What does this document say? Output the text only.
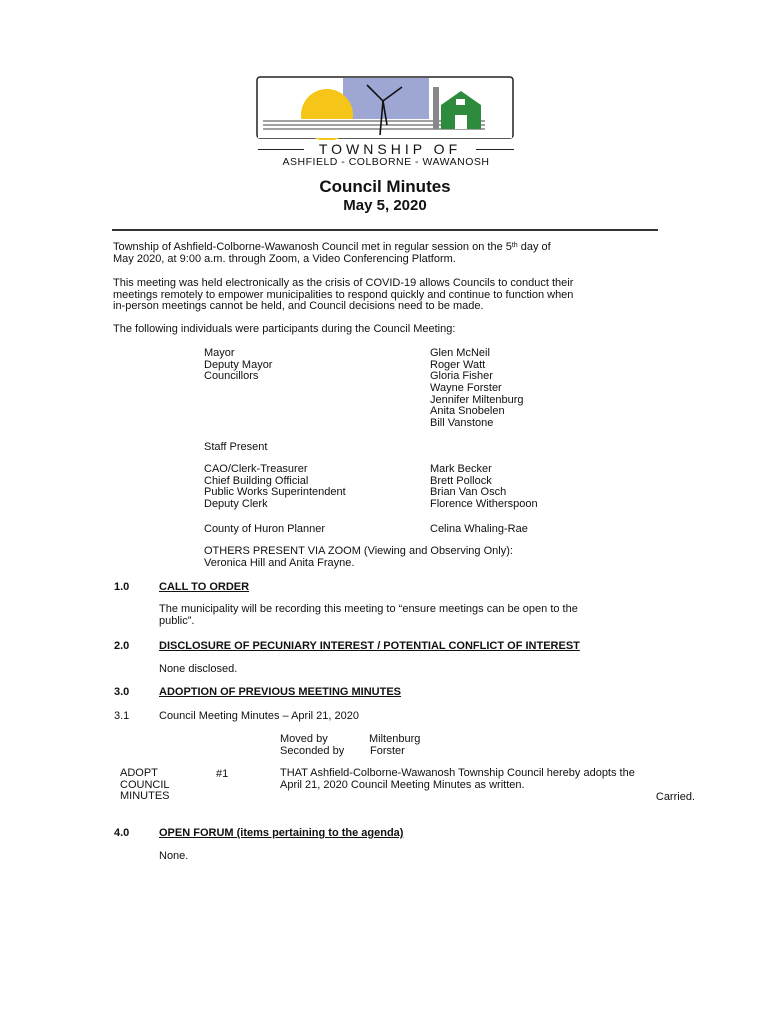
TOWNSHIP OF
ASHFIELD - COLBORNE - WAWANOSH
Council Minutes
May 5, 2020
Township of Ashfield-Colborne-Wawanosh Council met in regular session on the 5th day of
May 2020, at 9:00 a.m. through Zoom, a Video Conferencing Platform.
This meeting was held electronically as the crisis of COVID-19 allows Councils to conduct their
meetings remotely to empower municipalities to respond quickly and continue to function when
in-person meetings cannot be held, and Council decisions need to be made.
The following individuals were participants during the Council Meeting:
Mayor	Glen McNeil
Deputy Mayor	Roger Watt
Councillors	Gloria Fisher
Wayne Forster
Jennifer Miltenburg
Anita Snobelen
Bill Vanstone
Staff Present
CAO/Clerk-Treasurer	Mark Becker
Chief Building Official	Brett Pollock
Public Works Superintendent	Brian Van Osch
Deputy Clerk	Florence Witherspoon
County of Huron Planner	Celina Whaling-Rae
OTHERS PRESENT VIA ZOOM (Viewing and Observing Only):
Veronica Hill and Anita Frayne.
1.0	CALL TO ORDER
The municipality will be recording this meeting to “ensure meetings can be open to the
public”.
2.0	DISCLOSURE OF PECUNIARY INTEREST / POTENTIAL CONFLICT OF INTEREST
None disclosed.
3.0	ADOPTION OF PREVIOUS MEETING MINUTES
3.1	Council Meeting Minutes – April 21, 2020
Moved by	Miltenburg
Seconded by Forster
ADOPT
COUNCIL
MINUTES
#1	THAT Ashfield-Colborne-Wawanosh Township Council hereby adopts the
April 21, 2020 Council Meeting Minutes as written.
Carried.
4.0	OPEN FORUM (items pertaining to the agenda)
None.
